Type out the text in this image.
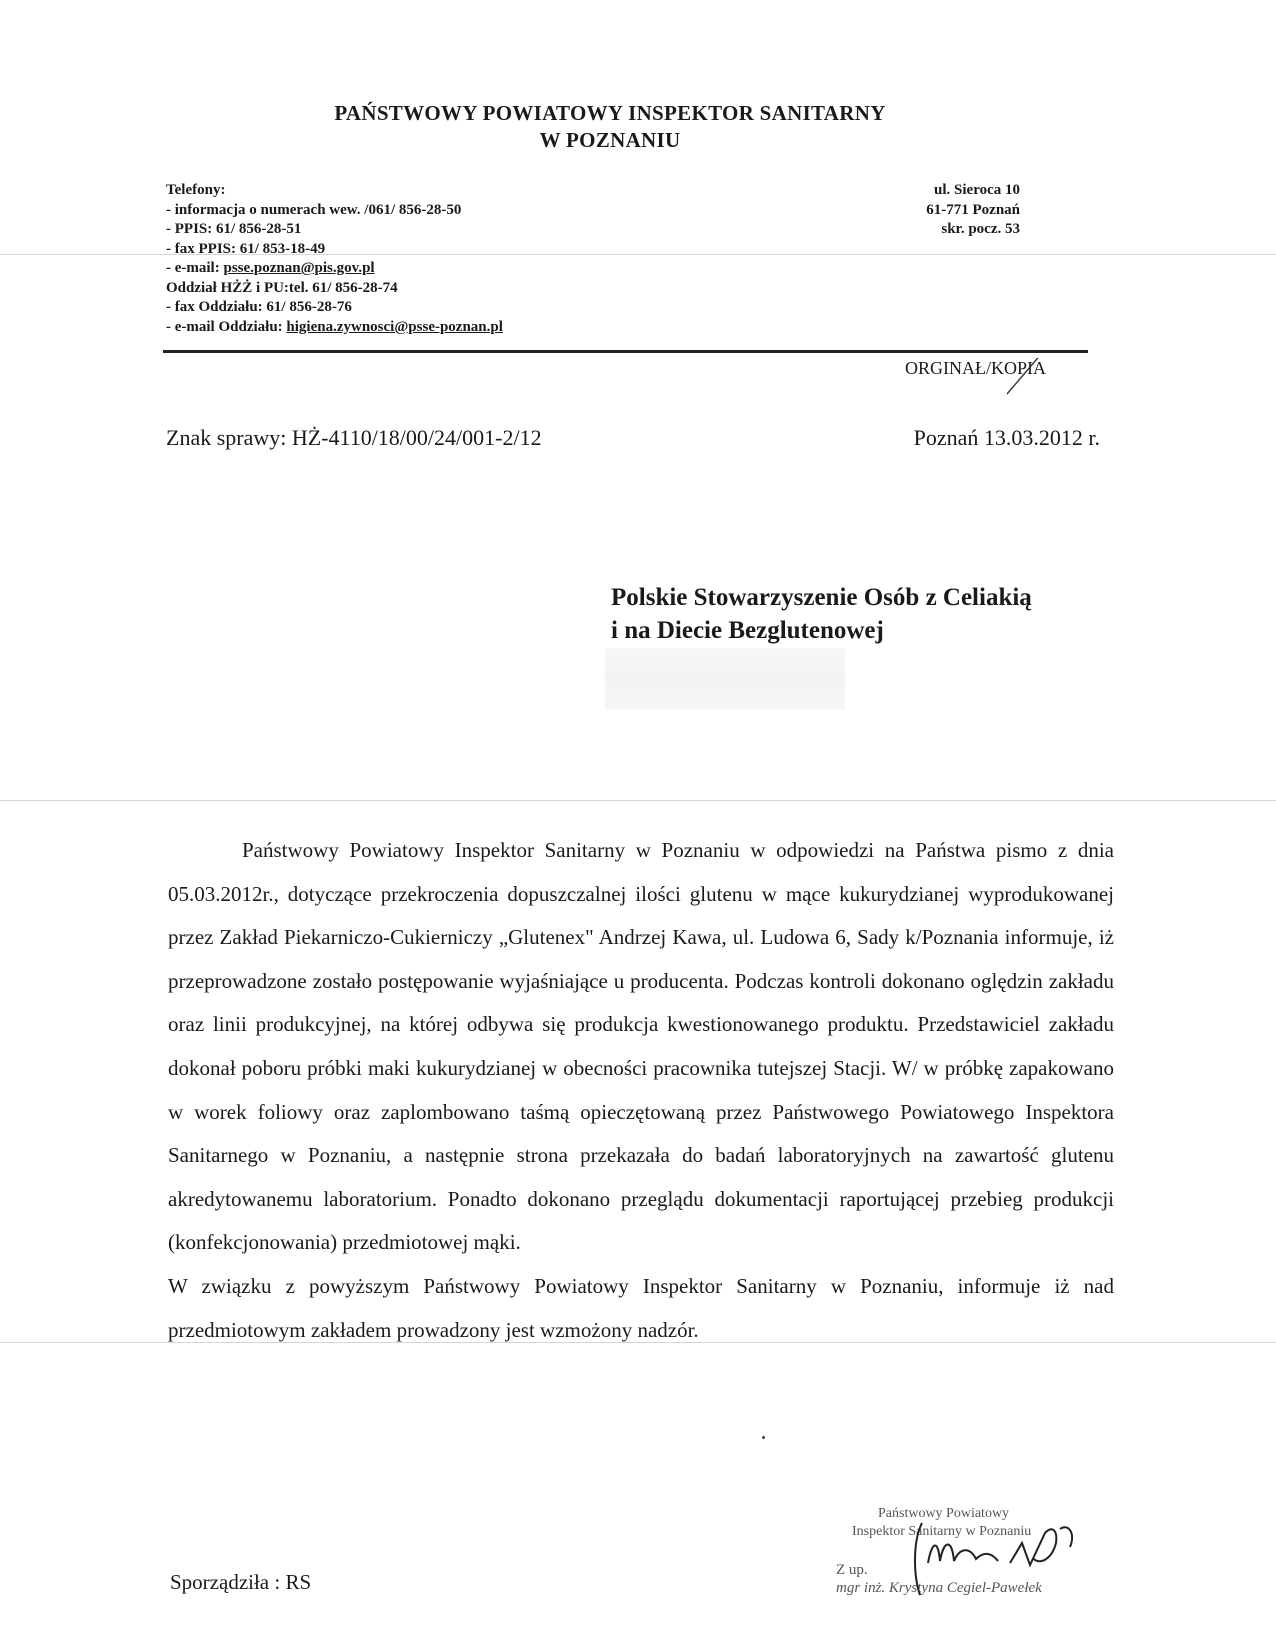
PAŃSTWOWY POWIATOWY INSPEKTOR SANITARNY
W POZNANIU
Telefony:
- informacja o numerach wew. /061/ 856-28-50
- PPIS: 61/ 856-28-51
- fax PPIS: 61/ 853-18-49
- e-mail: psse.poznan@pis.gov.pl
Oddział HŻŻ i PU:tel. 61/ 856-28-74
- fax Oddziału: 61/ 856-28-76
- e-mail Oddziału: higiena.zywnosci@psse-poznan.pl
ul. Sieroca 10
61-771 Poznań
skr. pocz. 53
ORGINAŁ/KOPIA
Znak sprawy: HŻ-4110/18/00/24/001-2/12	Poznań 13.03.2012 r.
Polskie Stowarzyszenie Osób z Celiakią
i na Diecie Bezglutenowej

Państwowy Powiatowy Inspektor Sanitarny w Poznaniu w odpowiedzi na Państwa pismo z dnia 05.03.2012r., dotyczące przekroczenia dopuszczalnej ilości glutenu w mące kukurydzianej wyprodukowanej przez Zakład Piekarniczo-Cukierniczy „Glutenex" Andrzej Kawa, ul. Ludowa 6, Sady k/Poznania informuje, iż przeprowadzone zostało postępowanie wyjaśniające u producenta. Podczas kontroli dokonano oględzin zakładu oraz linii produkcyjnej, na której odbywa się produkcja kwestionowanego produktu. Przedstawiciel zakładu dokonał poboru próbki maki kukurydzianej w obecności pracownika tutejszej Stacji. W/ w próbkę zapakowano w worek foliowy oraz zaplombowano taśmą opieczętowaną przez Państwowego Powiatowego Inspektora Sanitarnego w Poznaniu, a następnie strona przekazała do badań laboratoryjnych na zawartość glutenu akredytowanemu laboratorium. Ponadto dokonano przeglądu dokumentacji raportującej przebieg produkcji (konfekcjonowania) przedmiotowej mąki.

W związku z powyższym Państwowy Powiatowy Inspektor Sanitarny w Poznaniu, informuje iż nad przedmiotowym zakładem prowadzony jest wzmożony nadzór.

Państwowy Powiatowy
Inspektor Sanitarny w Poznaniu
Z up.
mgr inż. Krystyna Cegiel-Pawełek
Sporządziła : RS
